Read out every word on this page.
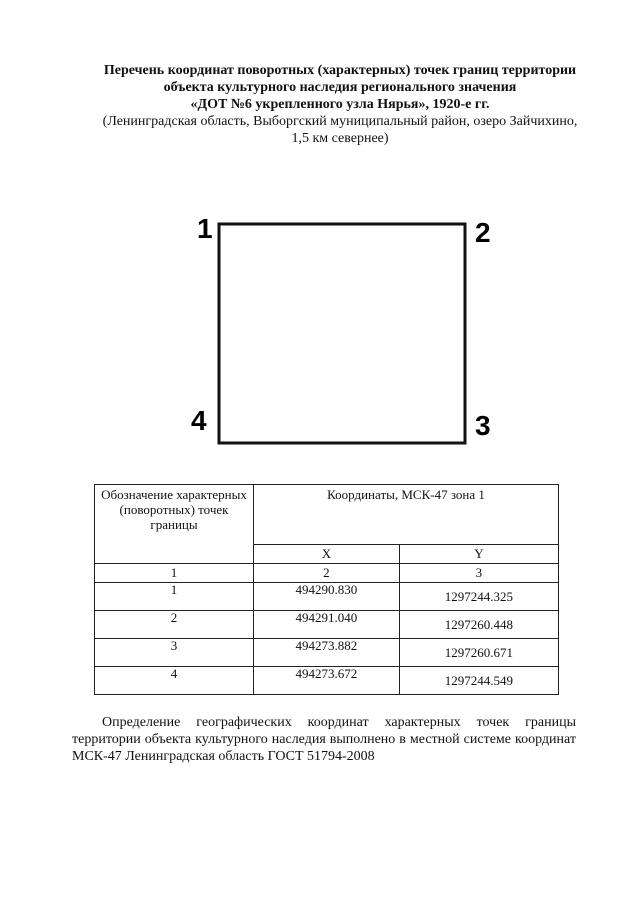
Перечень координат поворотных (характерных) точек границ территории
объекта культурного наследия регионального значения
«ДОТ №6 укрепленного узла Нярья», 1920-е гг.
(Ленинградская область, Выборгский муниципальный район, озеро Зайчихино,
1,5 км севернее)
1	2
3
4
Обозначение характерных (поворотных) точек границы	Координаты, МСК-47 зона 1	
	X	Y
1	2	3
1	494290.830	1297244.325
2	494291.040	1297260.448
3	494273.882	1297260.671
4	494273.672	1297244.549
Определение географических координат характерных точек границы территории объекта культурного наследия выполнено в местной системе координат МСК-47 Ленинградская область ГОСТ 51794-2008
